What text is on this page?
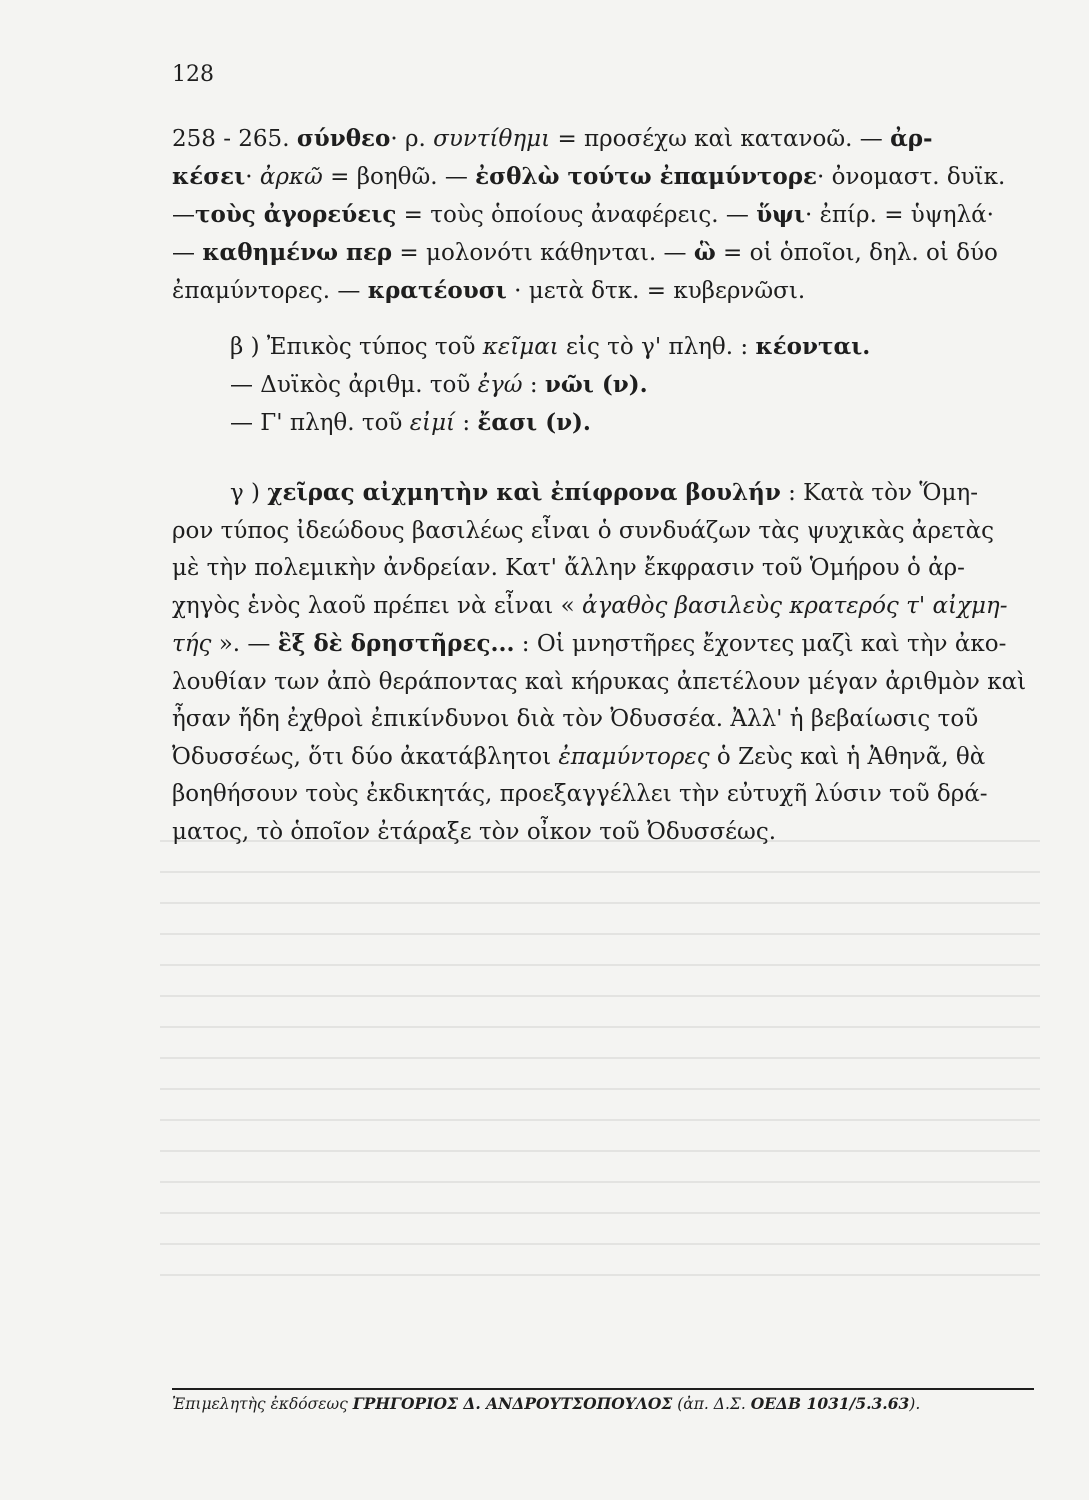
128
258 - 265. σύνθεο· ρ. συντίθημι = προσέχω καὶ κατανοῶ. — ἀρ-
κέσει· ἀρκῶ = βοηθῶ. — ἐσθλὼ τούτω ἐπαμύντορε· ὀνομαστ. δυϊκ.
—τοὺς ἀγορεύεις = τοὺς ὁποίους ἀναφέρεις. — ὕψι· ἐπίρ. = ὑψηλά·
— καθημένω περ = μολονότι κάθηνται. — ὣ = οἱ ὁποῖοι, δηλ. οἱ δύο
ἐπαμύντορες. — κρατέουσι · μετὰ δτκ. = κυβερνῶσι.
β ) Ἐπικὸς τύπος τοῦ κεῖμαι εἰς τὸ γ' πληθ. : κέονται.
— Δυϊκὸς ἀριθμ. τοῦ ἐγώ : νῶι (ν).
— Γ' πληθ. τοῦ εἰμί : ἔασι (ν).
γ ) χεῖρας αἰχμητὴν καὶ ἐπίφρονα βουλήν : Κατὰ τὸν Ὅμη-
ρον τύπος ἰδεώδους βασιλέως εἶναι ὁ συνδυάζων τὰς ψυχικὰς ἀρετὰς
μὲ τὴν πολεμικὴν ἀνδρείαν. Κατ' ἄλλην ἔκφρασιν τοῦ Ὁμήρου ὁ ἀρ-
χηγὸς ἑνὸς λαοῦ πρέπει νὰ εἶναι « ἀγαθὸς βασιλεὺς κρατερός τ' αἰχμη-
τής ». — ἓξ δὲ δρηστῆρες... : Οἱ μνηστῆρες ἔχοντες μαζὶ καὶ τὴν ἀκο-
λουθίαν των ἀπὸ θεράποντας καὶ κήρυκας ἀπετέλουν μέγαν ἀριθμὸν καὶ
ἦσαν ἤδη ἐχθροὶ ἐπικίνδυνοι διὰ τὸν Ὀδυσσέα. Ἀλλ' ἡ βεβαίωσις τοῦ
Ὀδυσσέως, ὅτι δύο ἀκατάβλητοι ἐπαμύντορες ὁ Ζεὺς καὶ ἡ Ἀθηνᾶ, θὰ
βοηθήσουν τοὺς ἐκδικητάς, προεξαγγέλλει τὴν εὐτυχῆ λύσιν τοῦ δρά-
ματος, τὸ ὁποῖον ἐτάραξε τὸν οἶκον τοῦ Ὀδυσσέως.
Ἐπιμελητὴς ἐκδόσεως ΓΡΗΓΟΡΙΟΣ Δ. ΑΝΔΡΟΥΤΣΟΠΟΥΛΟΣ (ἀπ. Δ.Σ. ΟΕΔΒ 1031/5.3.63).
